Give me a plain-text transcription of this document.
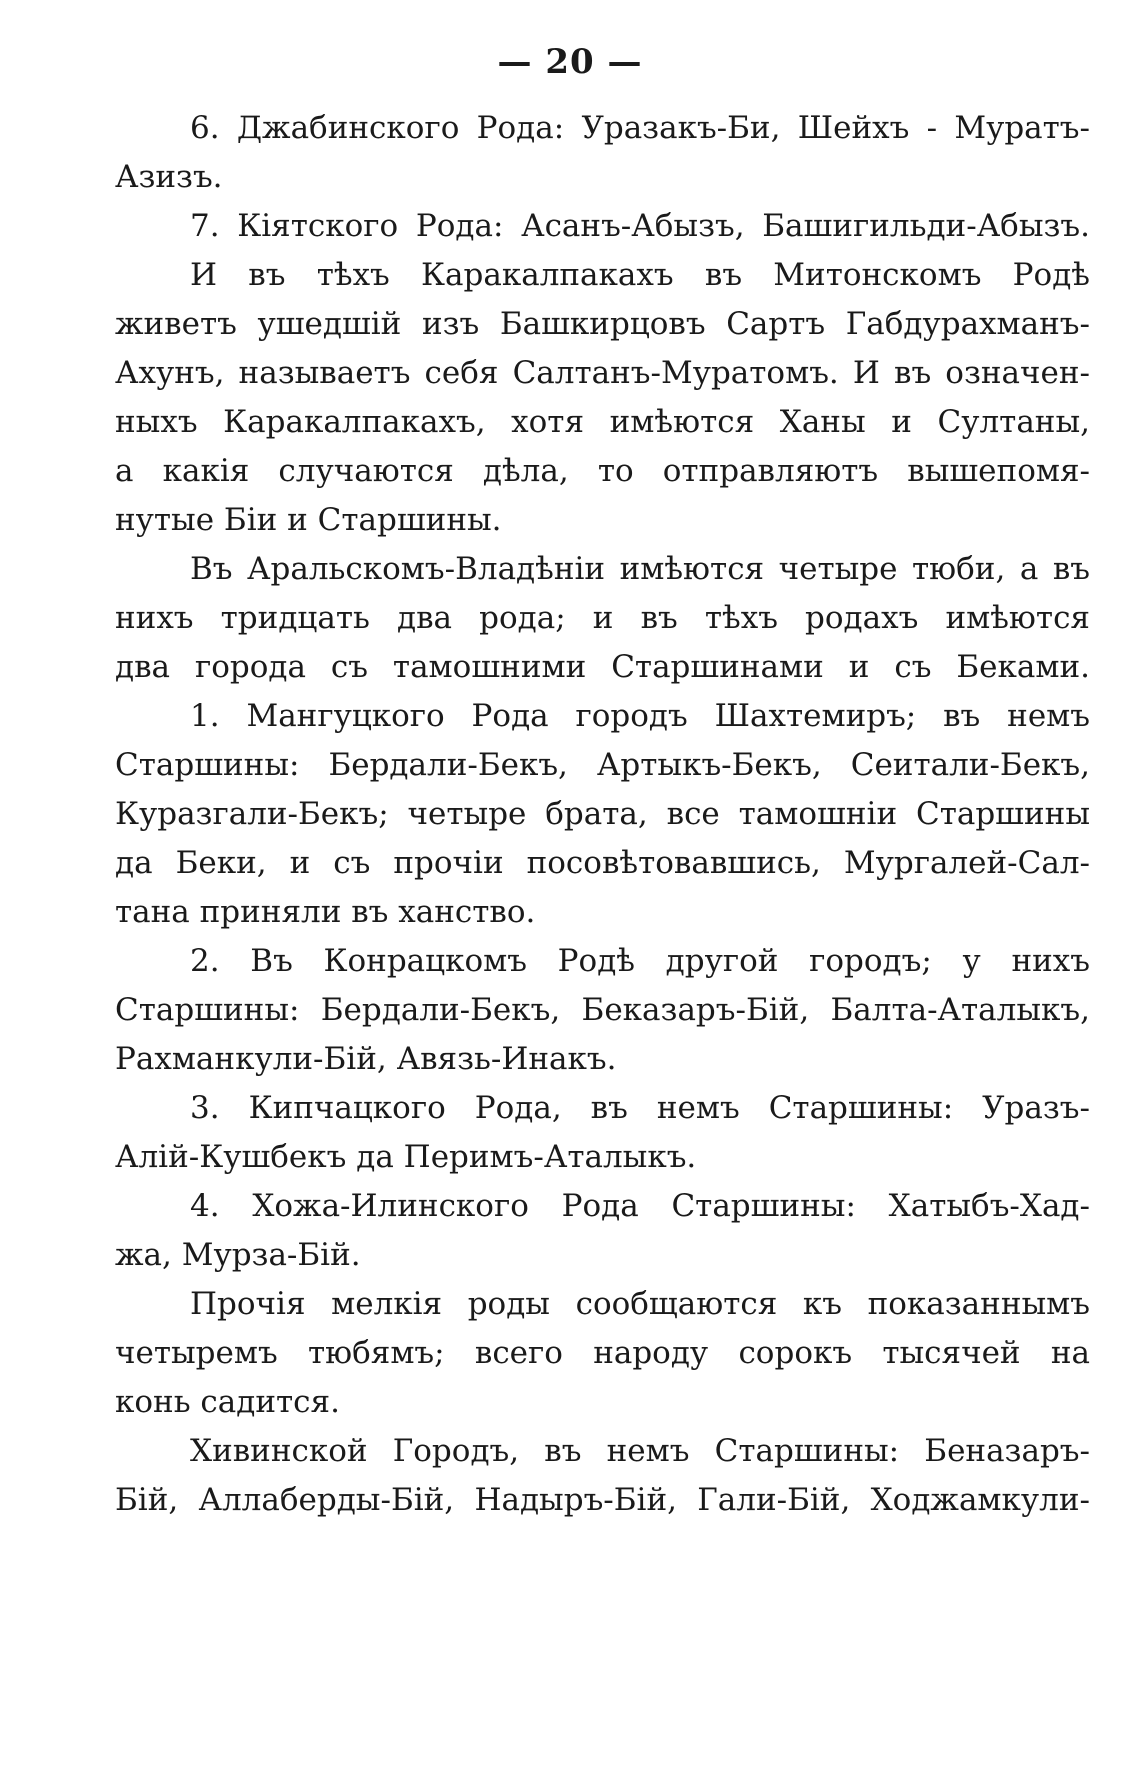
— 20 —
6. Джабинского Рода: Уразакъ-Би, Шейхъ - Муратъ-
Азизъ.
7. Кіятского Рода: Асанъ-Абызъ, Башигильди-Абызъ.
И въ тѣхъ Каракалпакахъ въ Митонскомъ Родѣ
живетъ ушедшій изъ Башкирцовъ Сартъ Габдурахманъ-
Ахунъ, называетъ себя Салтанъ-Муратомъ. И въ означен-
ныхъ Каракалпакахъ, хотя имѣются Ханы и Султаны,
а какія случаются дѣла, то отправляютъ вышепомя-
нутые Біи и Старшины.
Въ Аральскомъ-Владѣніи имѣются четыре тюби, а въ
нихъ тридцать два рода; и въ тѣхъ родахъ имѣются
два города съ тамошними Старшинами и съ Беками.
1. Мангуцкого Рода городъ Шахтемиръ; въ немъ
Старшины: Бердали-Бекъ, Артыкъ-Бекъ, Сеитали-Бекъ,
Куразгали-Бекъ; четыре брата, все тамошніи Старшины
да Беки, и съ прочіи посовѣтовавшись, Мургалей-Сал-
тана приняли въ ханство.
2. Въ Конрацкомъ Родѣ другой городъ; у нихъ
Старшины: Бердали-Бекъ, Беказаръ-Бій, Балта-Аталыкъ,
Рахманкули-Бій, Авязь-Инакъ.
3. Кипчацкого Рода, въ немъ Старшины: Уразъ-
Алій-Кушбекъ да Перимъ-Аталыкъ.
4. Хожа-Илинского Рода Старшины: Хатыбъ-Хад-
жа, Мурза-Бій.
Прочія мелкія роды сообщаются къ показаннымъ
четыремъ тюбямъ; всего народу сорокъ тысячей на
конь садится.
Хивинской Городъ, въ немъ Старшины: Беназаръ-
Бій, Аллаберды-Бій, Надыръ-Бій, Гали-Бій, Ходжамкули-
